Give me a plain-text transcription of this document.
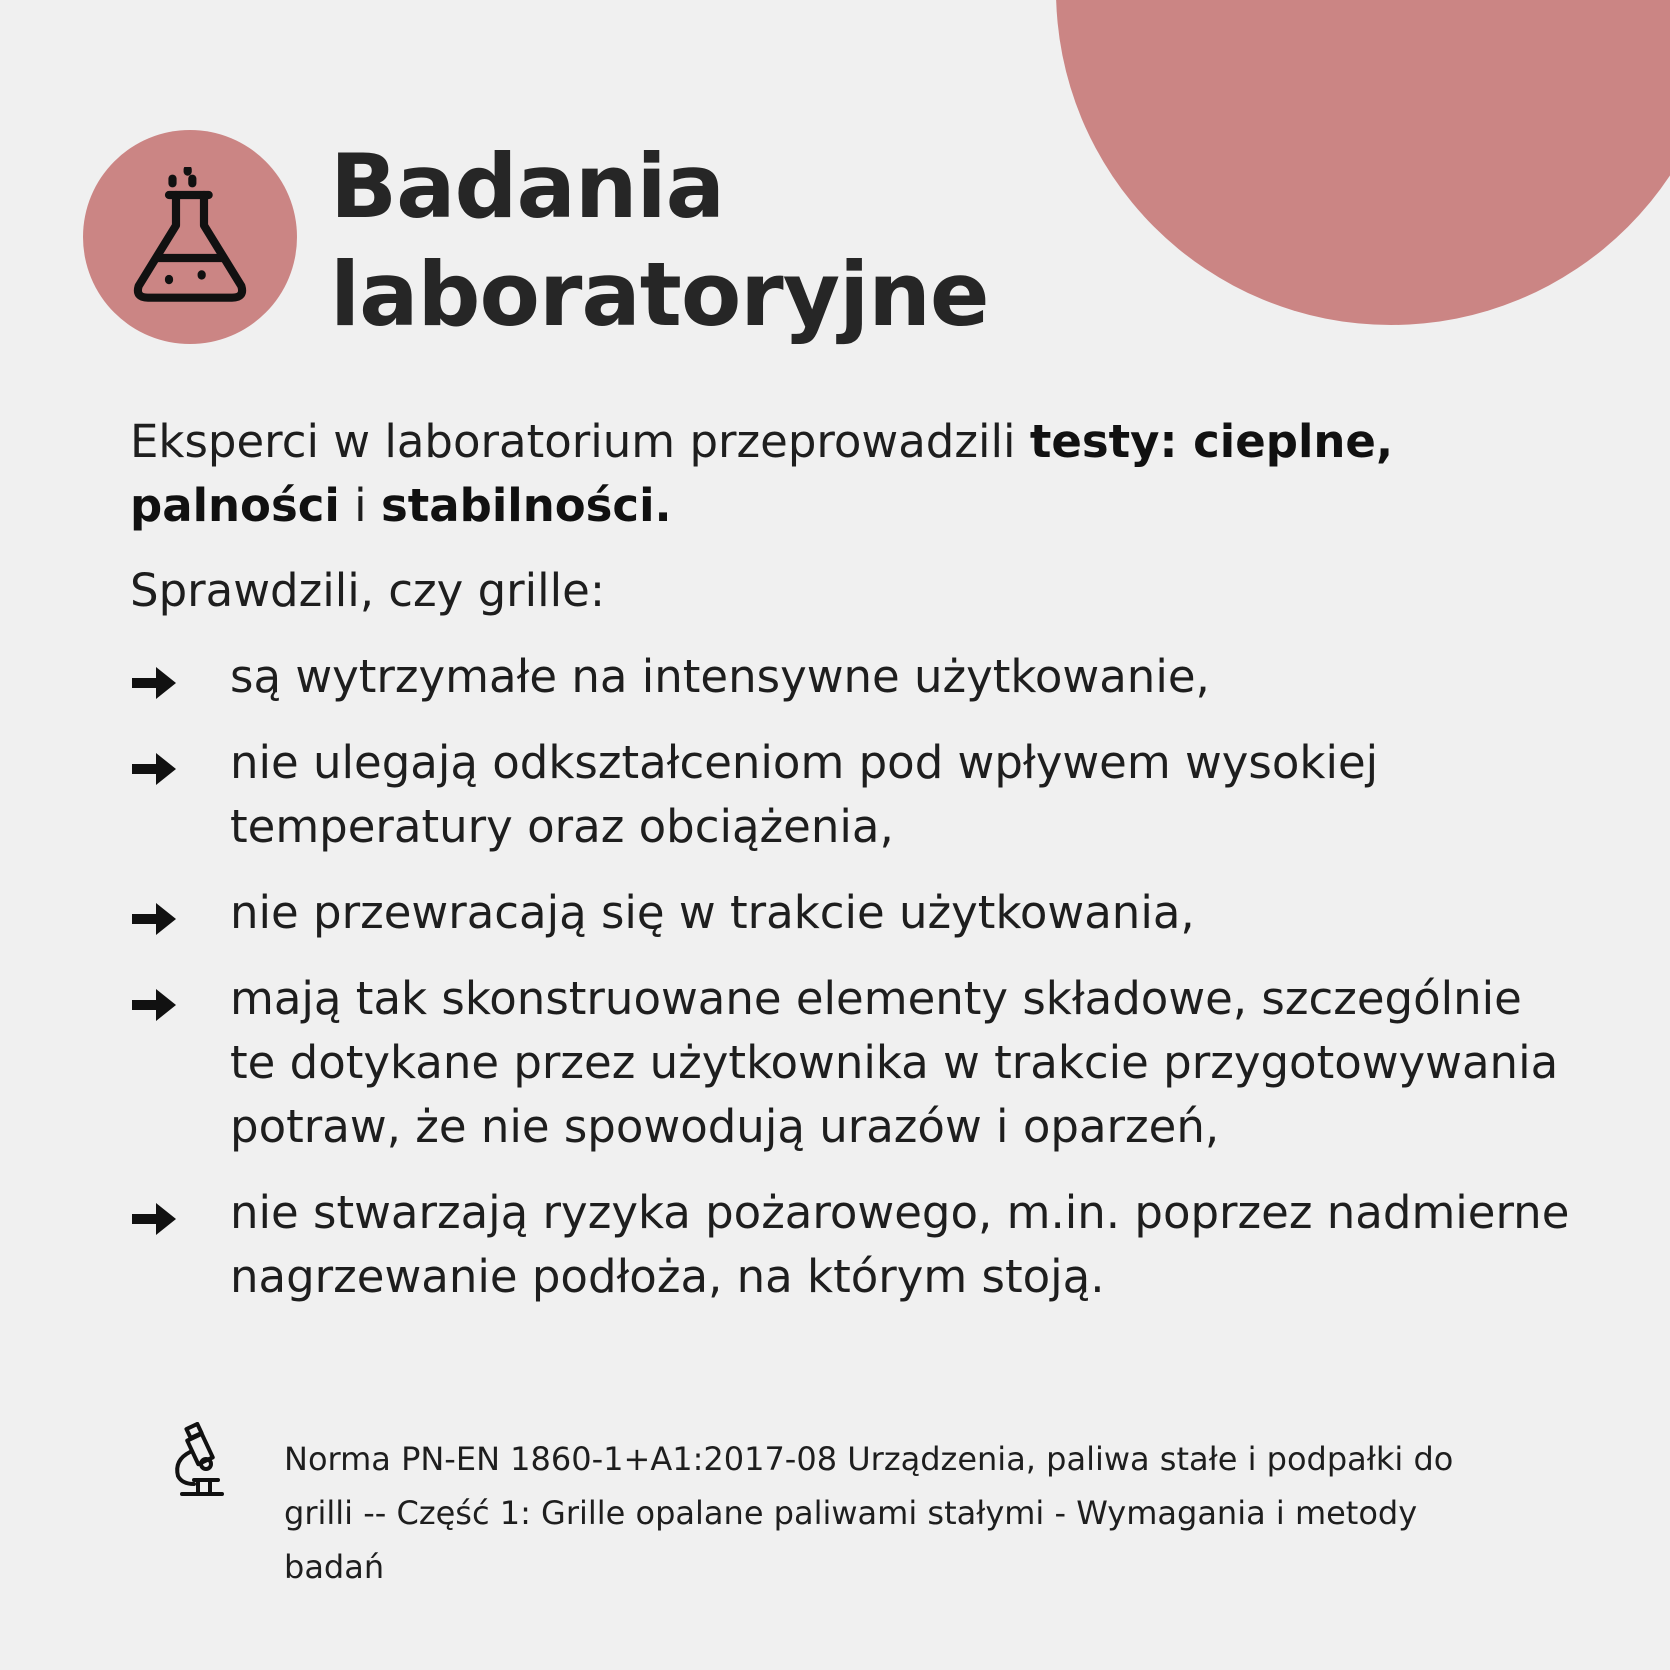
Badania
laboratoryjne
Eksperci w laboratorium przeprowadzili testy: cieplne,
palności i stabilności.
Sprawdzili, czy grille:
są wytrzymałe na intensywne użytkowanie,
nie ulegają odkształceniom pod wpływem wysokiej temperatury oraz obciążenia,
nie przewracają się w trakcie użytkowania,
mają tak skonstruowane elementy składowe, szczególnie te dotykane przez użytkownika w trakcie przygotowywania potraw, że nie spowodują urazów i oparzeń,
nie stwarzają ryzyka pożarowego, m.in. poprzez nadmierne nagrzewanie podłoża, na którym stoją.
Norma PN-EN 1860-1+A1:2017-08 Urządzenia, paliwa stałe i podpałki do grilli -- Część 1: Grille opalane paliwami stałymi - Wymagania i metody badań
